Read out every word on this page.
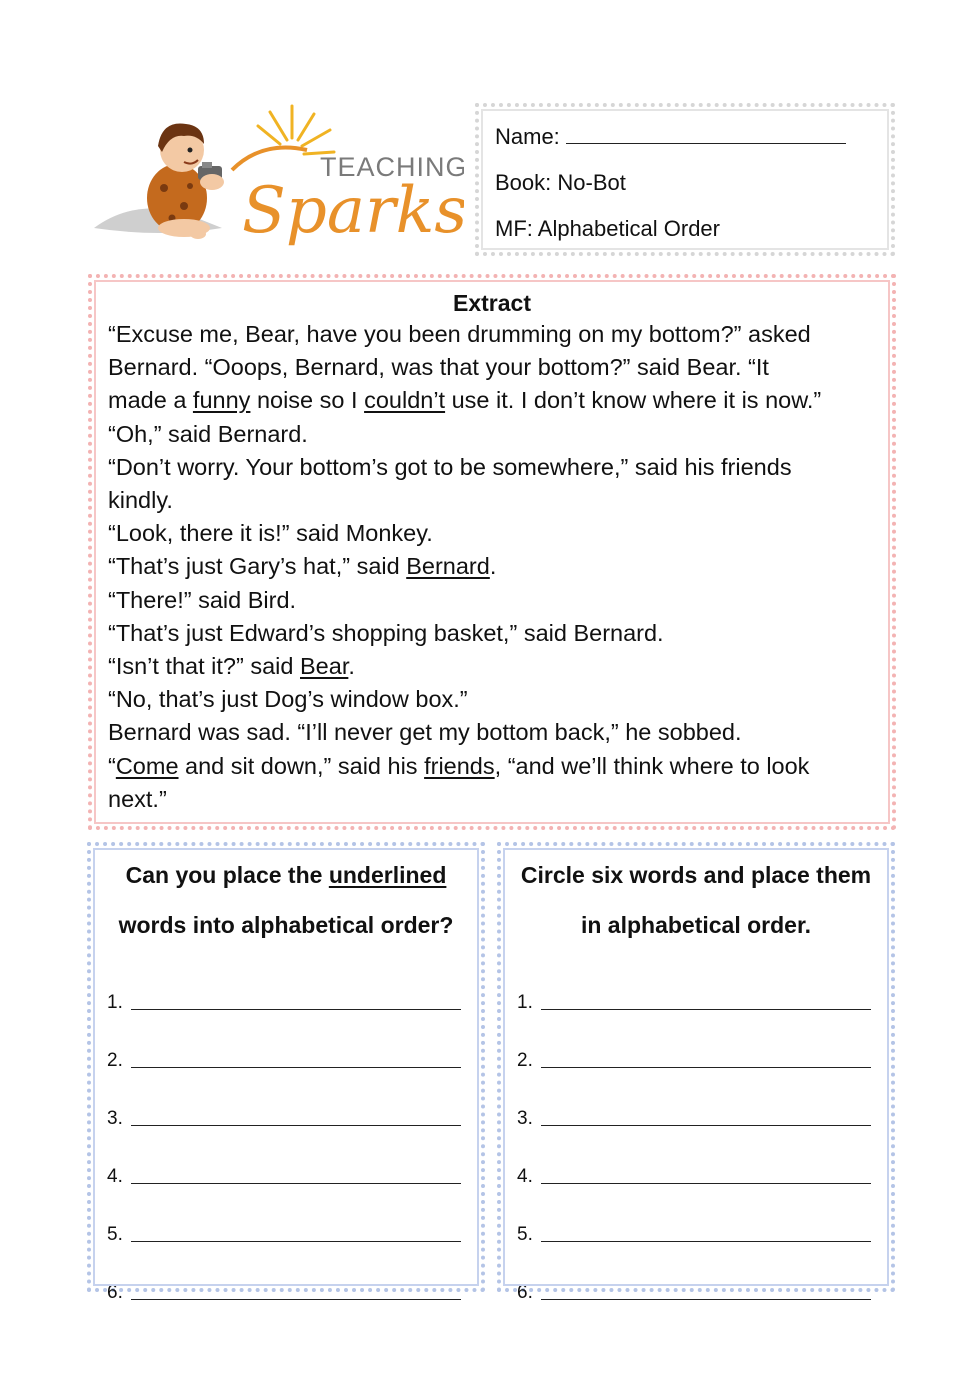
TEACHING
Sparks
Name:
Book: No-Bot
MF: Alphabetical Order
Extract

“Excuse me, Bear, have you been drumming on my bottom?” asked

Bernard. “Ooops, Bernard, was that your bottom?” said Bear. “It

made a funny noise so I couldn’t use it. I don’t know where it is now.”

“Oh,” said Bernard.

“Don’t worry. Your bottom’s got to be somewhere,” said his friends

kindly.

“Look, there it is!” said Monkey.

“That’s just Gary’s hat,” said Bernard.

“There!” said Bird.

“That’s just Edward’s shopping basket,” said Bernard.

“Isn’t that it?” said Bear.

“No, that’s just Dog’s window box.”

Bernard was sad. “I’ll never get my bottom back,” he sobbed.

“Come and sit down,” said his friends, “and we’ll think where to look

next.”

Can you place the underlined
words into alphabetical order?
1.
2.
3.
4.
5.
6.
Circle six words and place them
in alphabetical order.
1.
2.
3.
4.
5.
6.
